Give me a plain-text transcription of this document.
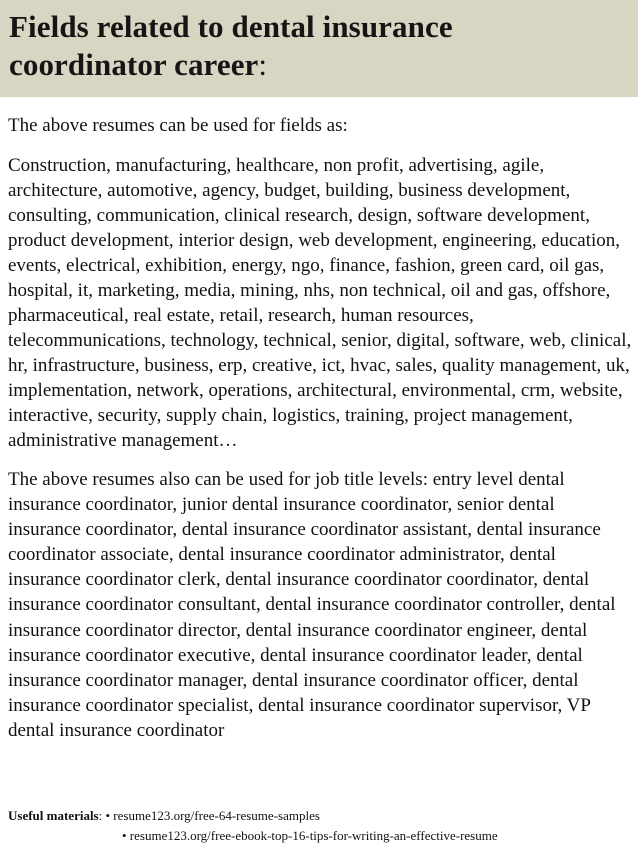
Fields related to dental insurance
coordinator career:

The above resumes can be used for fields as:

Construction, manufacturing, healthcare, non profit, advertising, agile, architecture, automotive, agency, budget, building, business development, consulting, communication, clinical research, design, software development, product development, interior design, web development, engineering, education, events, electrical, exhibition, energy, ngo, finance, fashion, green card, oil gas, hospital, it, marketing, media, mining, nhs, non technical, oil and gas, offshore, pharmaceutical, real estate, retail, research, human resources, telecommunications, technology, technical, senior, digital, software, web, clinical, hr, infrastructure, business, erp, creative, ict, hvac, sales, quality management, uk, implementation, network, operations, architectural, environmental, crm, website, interactive, security, supply chain, logistics, training, project management, administrative management…

The above resumes also can be used for job title levels: entry level dental insurance coordinator, junior dental insurance coordinator, senior dental insurance coordinator, dental insurance coordinator assistant, dental insurance coordinator associate, dental insurance coordinator administrator, dental insurance coordinator clerk, dental insurance coordinator coordinator, dental insurance coordinator consultant, dental insurance coordinator controller, dental insurance coordinator director, dental insurance coordinator engineer, dental insurance coordinator executive, dental insurance coordinator leader, dental insurance coordinator manager, dental insurance coordinator officer, dental insurance coordinator specialist, dental insurance coordinator supervisor, VP dental insurance coordinator

Useful materials: • resume123.org/free-64-resume-samples
• resume123.org/free-ebook-top-16-tips-for-writing-an-effective-resume
